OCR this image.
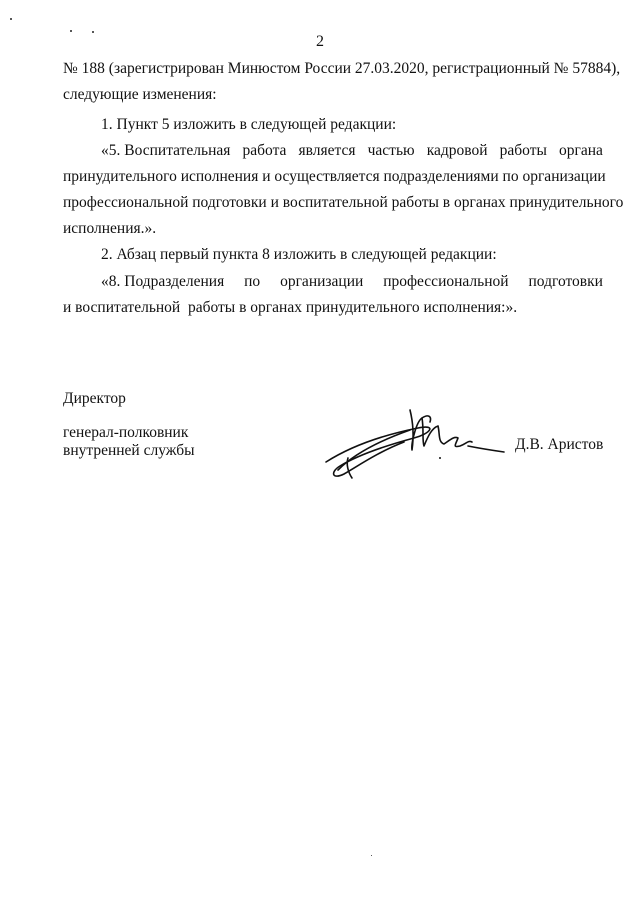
2
№ 188 (зарегистрирован Минюстом России 27.03.2020, регистрационный № 57884),
следующие изменения:
1. Пункт 5 изложить в следующей редакции:
«5. Воспитательная работа является частью кадровой работы органа
принудительного исполнения и осуществляется подразделениями по организации
профессиональной подготовки и воспитательной работы в органах принудительного
исполнения.».
2. Абзац первый пункта 8 изложить в следующей редакции:
«8. Подразделения по организации профессиональной подготовки
и воспитательной  работы в органах принудительного исполнения:».
Директор
генерал-полковник
внутренней службы	Д.В. Аристов
